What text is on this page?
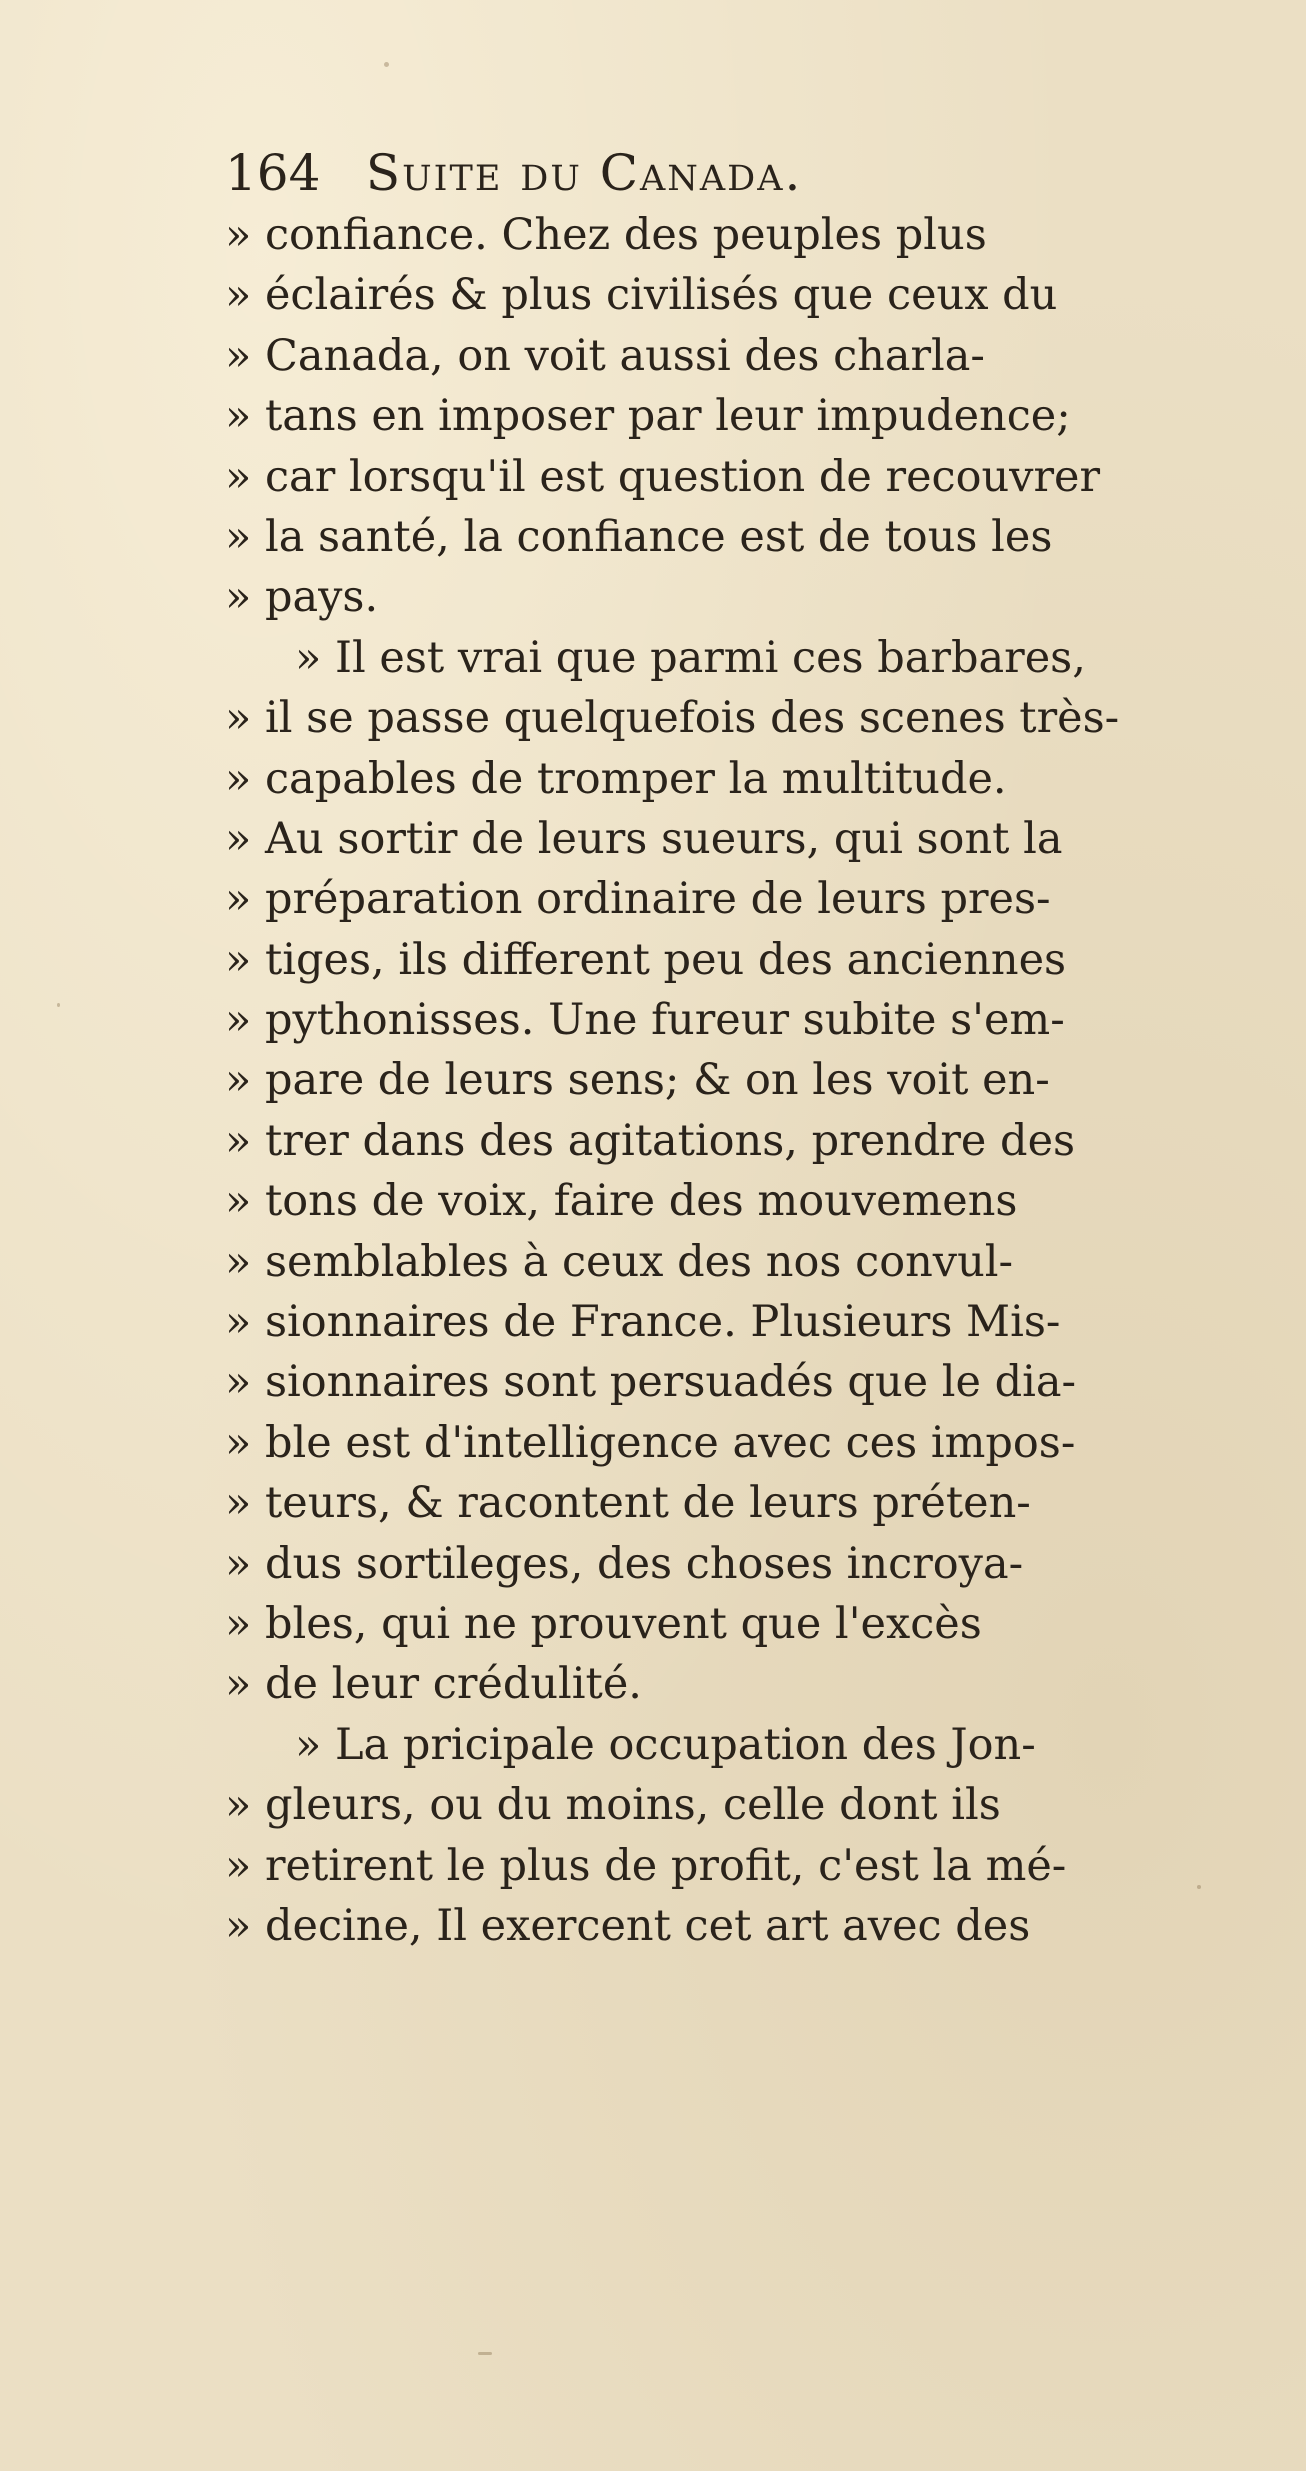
164 Suite du Canada.
» confiance. Chez des peuples plus
» éclairés & plus civilisés que ceux du
» Canada, on voit aussi des charla-
» tans en imposer par leur impudence;
» car lorsqu'il est question de recouvrer
» la santé, la confiance est de tous les
» pays.
» Il est vrai que parmi ces barbares,
» il se passe quelquefois des scenes très-
» capables de tromper la multitude.
» Au sortir de leurs sueurs, qui sont la
» préparation ordinaire de leurs pres-
» tiges, ils different peu des anciennes
» pythonisses. Une fureur subite s'em-
» pare de leurs sens; & on les voit en-
» trer dans des agitations, prendre des
» tons de voix, faire des mouvemens
» semblables à ceux des nos convul-
» sionnaires de France. Plusieurs Mis-
» sionnaires sont persuadés que le dia-
» ble est d'intelligence avec ces impos-
» teurs, & racontent de leurs préten-
» dus sortileges, des choses incroya-
» bles, qui ne prouvent que l'excès
» de leur crédulité.
» La pricipale occupation des Jon-
» gleurs, ou du moins, celle dont ils
» retirent le plus de profit, c'est la mé-
» decine, Il exercent cet art avec des
